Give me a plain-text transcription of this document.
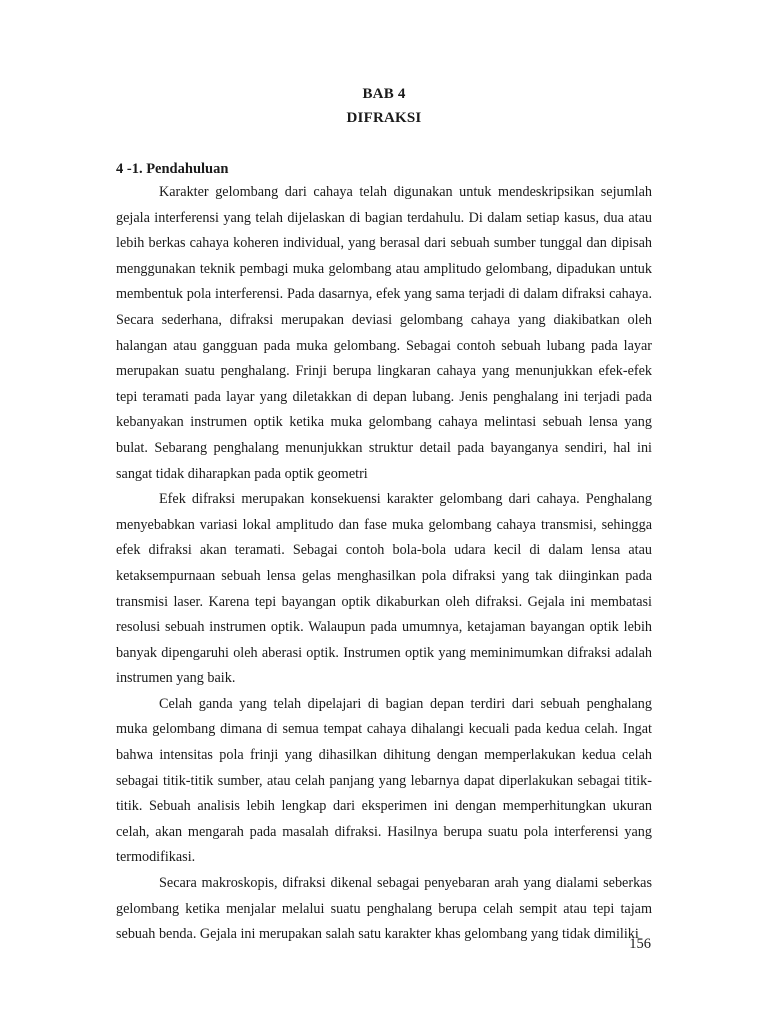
BAB 4
DIFRAKSI
4 -1. Pendahuluan

Karakter gelombang dari cahaya telah digunakan untuk mendeskripsikan sejumlah gejala interferensi yang telah dijelaskan di bagian terdahulu. Di dalam setiap kasus, dua atau lebih berkas cahaya koheren individual, yang berasal dari sebuah sumber tunggal dan dipisah menggunakan teknik pembagi muka gelombang atau amplitudo gelombang, dipadukan untuk membentuk pola interferensi. Pada dasarnya, efek yang sama terjadi di dalam difraksi cahaya. Secara sederhana, difraksi merupakan deviasi gelombang cahaya yang diakibatkan oleh halangan atau gangguan pada muka gelombang. Sebagai contoh sebuah lubang pada layar merupakan suatu penghalang. Frinji berupa lingkaran cahaya yang menunjukkan efek-efek tepi teramati pada layar yang diletakkan di depan lubang. Jenis penghalang ini terjadi pada kebanyakan instrumen optik ketika muka gelombang cahaya melintasi sebuah lensa yang bulat. Sebarang penghalang menunjukkan struktur detail pada bayanganya sendiri, hal ini sangat tidak diharapkan pada optik geometri

Efek difraksi merupakan konsekuensi karakter gelombang dari cahaya. Penghalang menyebabkan variasi lokal amplitudo dan fase muka gelombang cahaya transmisi, sehingga efek difraksi akan teramati. Sebagai contoh bola-bola udara kecil di dalam lensa atau ketaksempurnaan sebuah lensa gelas menghasilkan pola difraksi yang tak diinginkan pada transmisi laser. Karena tepi bayangan optik dikaburkan oleh difraksi. Gejala ini membatasi resolusi sebuah instrumen optik. Walaupun pada umumnya, ketajaman bayangan optik lebih banyak dipengaruhi oleh aberasi optik. Instrumen optik yang meminimumkan difraksi adalah instrumen yang baik.

Celah ganda yang telah dipelajari di bagian depan terdiri dari sebuah penghalang muka gelombang dimana di semua tempat cahaya dihalangi kecuali pada kedua celah. Ingat bahwa intensitas pola frinji yang dihasilkan dihitung dengan memperlakukan kedua celah sebagai titik-titik sumber, atau celah panjang yang lebarnya dapat diperlakukan sebagai titik-titik. Sebuah analisis lebih lengkap dari eksperimen ini dengan memperhitungkan ukuran celah, akan mengarah pada masalah difraksi. Hasilnya berupa suatu pola interferensi yang termodifikasi.

Secara makroskopis, difraksi dikenal sebagai penyebaran arah yang dialami seberkas gelombang ketika menjalar melalui suatu penghalang berupa celah sempit atau tepi tajam sebuah benda. Gejala ini merupakan salah satu karakter khas gelombang yang tidak dimiliki

156
